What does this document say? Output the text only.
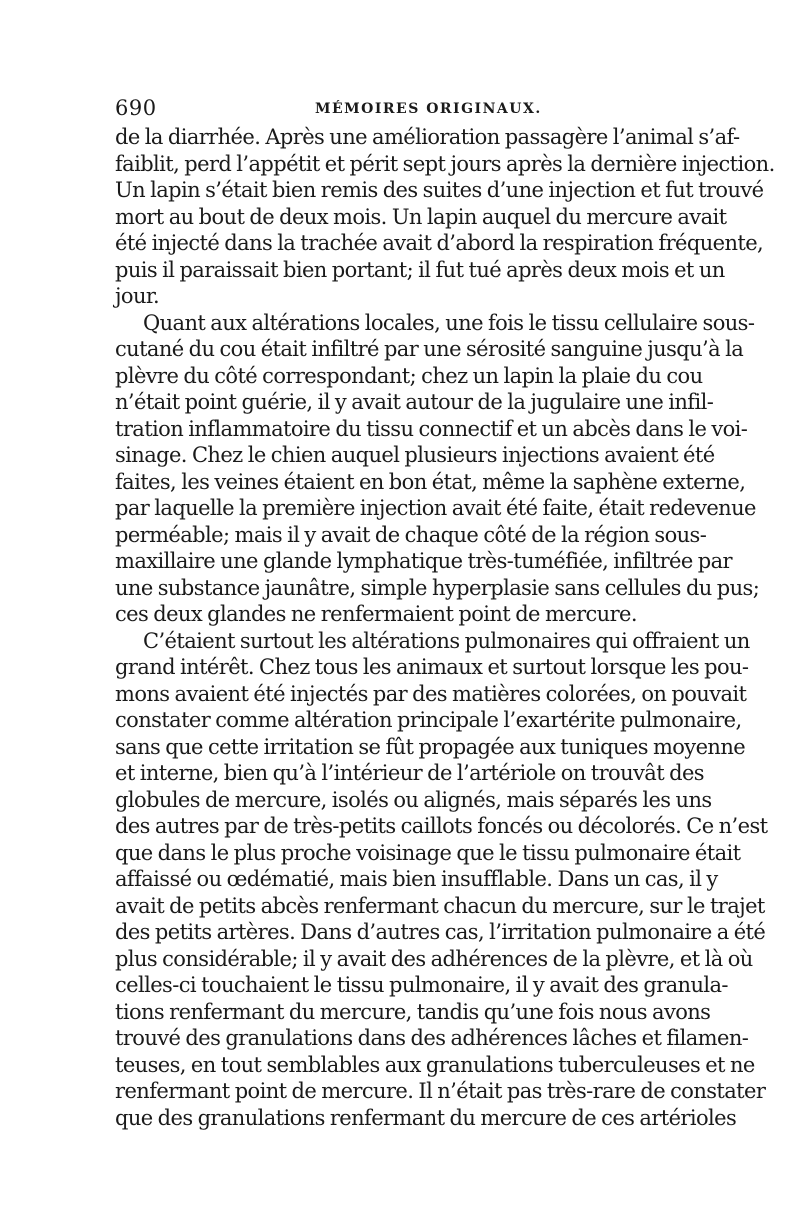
690	MÉMOIRES ORIGINAUX.
de la diarrhée. Après une amélioration passagère l’animal s’af-
faiblit, perd l’appétit et périt sept jours après la dernière injection.
Un lapin s’était bien remis des suites d’une injection et fut trouvé
mort au bout de deux mois. Un lapin auquel du mercure avait
été injecté dans la trachée avait d’abord la respiration fréquente,
puis il paraissait bien portant; il fut tué après deux mois et un
jour.
Quant aux altérations locales, une fois le tissu cellulaire sous-
cutané du cou était infiltré par une sérosité sanguine jusqu’à la
plèvre du côté correspondant; chez un lapin la plaie du cou
n’était point guérie, il y avait autour de la jugulaire une infil-
tration inflammatoire du tissu connectif et un abcès dans le voi-
sinage. Chez le chien auquel plusieurs injections avaient été
faites, les veines étaient en bon état, même la saphène externe,
par laquelle la première injection avait été faite, était redevenue
perméable; mais il y avait de chaque côté de la région sous-
maxillaire une glande lymphatique très-tuméfiée, infiltrée par
une substance jaunâtre, simple hyperplasie sans cellules du pus;
ces deux glandes ne renfermaient point de mercure.
C’étaient surtout les altérations pulmonaires qui offraient un
grand intérêt. Chez tous les animaux et surtout lorsque les pou-
mons avaient été injectés par des matières colorées, on pouvait
constater comme altération principale l’exartérite pulmonaire,
sans que cette irritation se fût propagée aux tuniques moyenne
et interne, bien qu’à l’intérieur de l’artériole on trouvât des
globules de mercure, isolés ou alignés, mais séparés les uns
des autres par de très-petits caillots foncés ou décolorés. Ce n’est
que dans le plus proche voisinage que le tissu pulmonaire était
affaissé ou œdématié, mais bien insufflable. Dans un cas, il y
avait de petits abcès renfermant chacun du mercure, sur le trajet
des petits artères. Dans d’autres cas, l’irritation pulmonaire a été
plus considérable; il y avait des adhérences de la plèvre, et là où
celles-ci touchaient le tissu pulmonaire, il y avait des granula-
tions renfermant du mercure, tandis qu’une fois nous avons
trouvé des granulations dans des adhérences lâches et filamen-
teuses, en tout semblables aux granulations tuberculeuses et ne
renfermant point de mercure. Il n’était pas très-rare de constater
que des granulations renfermant du mercure de ces artérioles
